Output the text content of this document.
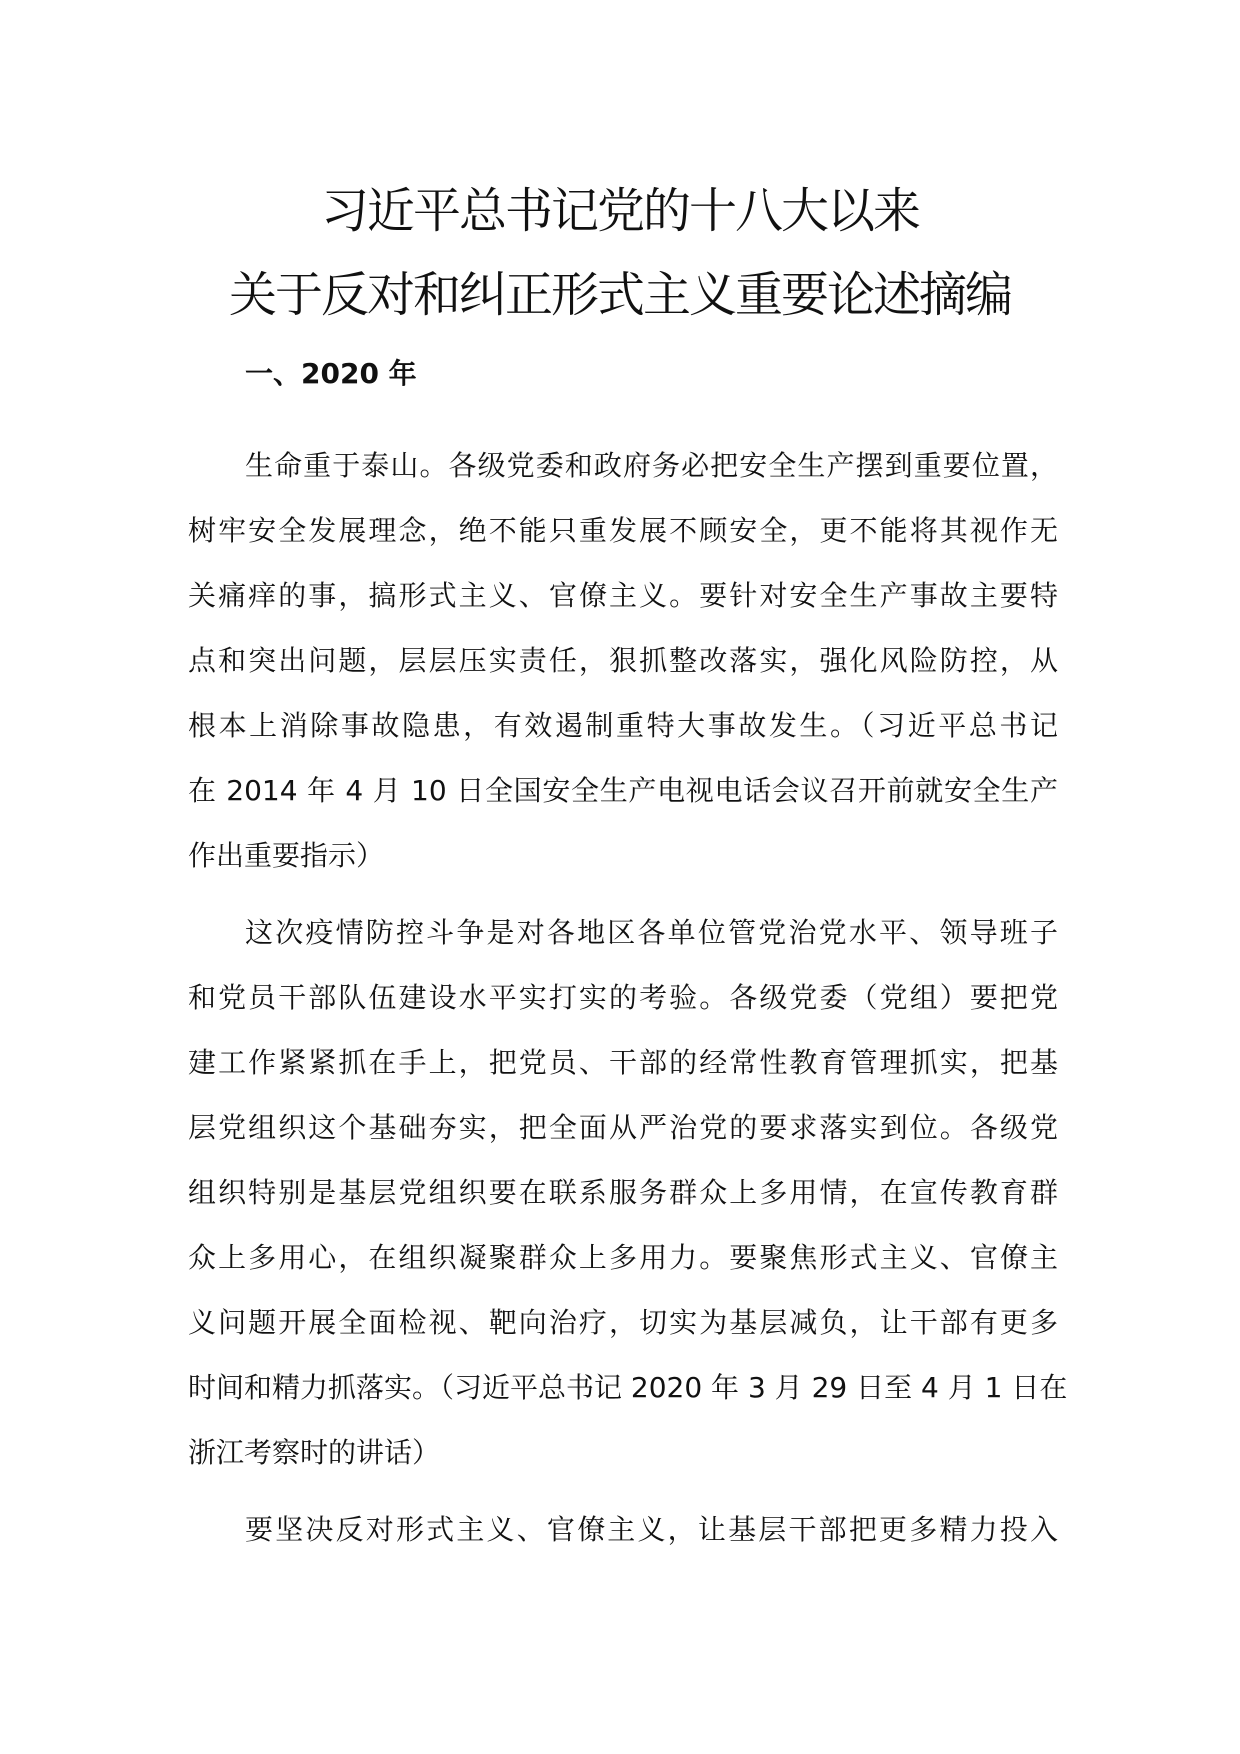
习近平总书记党的十八大以来
关于反对和纠正形式主义重要论述摘编
一、2020 年
生命重于泰山。各级党委和政府务必把安全生产摆到重要位置，
树牢安全发展理念，绝不能只重发展不顾安全，更不能将其视作无
关痛痒的事，搞形式主义、官僚主义。要针对安全生产事故主要特
点和突出问题，层层压实责任，狠抓整改落实，强化风险防控，从
根本上消除事故隐患，有效遏制重特大事故发生。（习近平总书记
在 2014 年 4 月 10 日全国安全生产电视电话会议召开前就安全生产
作出重要指示）
这次疫情防控斗争是对各地区各单位管党治党水平、领导班子
和党员干部队伍建设水平实打实的考验。各级党委（党组）要把党
建工作紧紧抓在手上，把党员、干部的经常性教育管理抓实，把基
层党组织这个基础夯实，把全面从严治党的要求落实到位。各级党
组织特别是基层党组织要在联系服务群众上多用情，在宣传教育群
众上多用心，在组织凝聚群众上多用力。要聚焦形式主义、官僚主
义问题开展全面检视、靶向治疗，切实为基层减负，让干部有更多
时间和精力抓落实。（习近平总书记 2020 年 3 月 29 日至 4 月 1 日在
浙江考察时的讲话）
要坚决反对形式主义、官僚主义，让基层干部把更多精力投入
